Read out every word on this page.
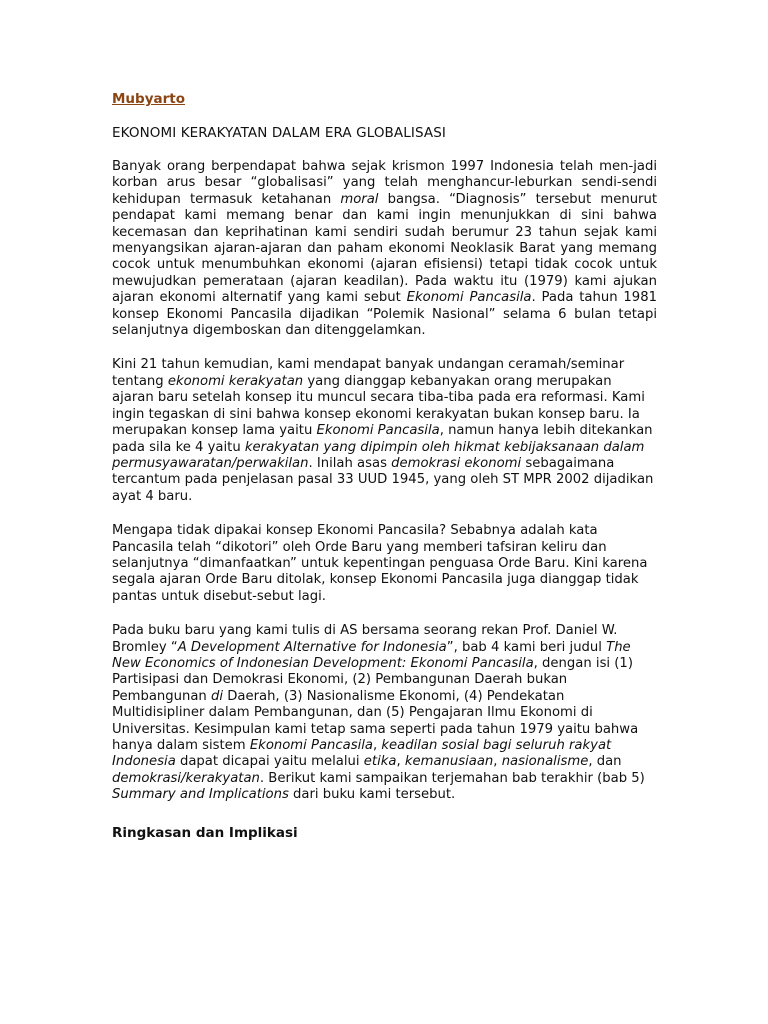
Mubyarto
EKONOMI KERAKYATAN DALAM ERA GLOBALISASI
Banyak orang berpendapat bahwa sejak krismon 1997 Indonesia telah men-jadi korban arus besar “globalisasi” yang telah menghancur-leburkan sendi-sendi kehidupan termasuk ketahanan moral bangsa. “Diagnosis” tersebut menurut pendapat kami memang benar dan kami ingin menunjukkan di sini bahwa kecemasan dan keprihatinan kami sendiri sudah berumur 23 tahun sejak kami menyangsikan ajaran-ajaran dan paham ekonomi Neoklasik Barat yang memang cocok untuk menumbuhkan ekonomi (ajaran efisiensi) tetapi tidak cocok untuk mewujudkan pemerataan (ajaran keadilan). Pada waktu itu (1979) kami ajukan ajaran ekonomi alternatif yang kami sebut Ekonomi Pancasila. Pada tahun 1981 konsep Ekonomi Pancasila dijadikan “Polemik Nasional” selama 6 bulan tetapi selanjutnya digemboskan dan ditenggelamkan.
Kini 21 tahun kemudian, kami mendapat banyak undangan ceramah/seminar tentang ekonomi kerakyatan yang dianggap kebanyakan orang merupakan ajaran baru setelah konsep itu muncul secara tiba-tiba pada era reformasi. Kami ingin tegaskan di sini bahwa konsep ekonomi kerakyatan bukan konsep baru. Ia merupakan konsep lama yaitu Ekonomi Pancasila, namun hanya lebih ditekankan pada sila ke 4 yaitu kerakyatan yang dipimpin oleh hikmat kebijaksanaan dalam permusyawaratan/perwakilan. Inilah asas demokrasi ekonomi sebagaimana tercantum pada penjelasan pasal 33 UUD 1945, yang oleh ST MPR 2002 dijadikan ayat 4 baru.
Mengapa tidak dipakai konsep Ekonomi Pancasila? Sebabnya adalah kata Pancasila telah “dikotori” oleh Orde Baru yang memberi tafsiran keliru dan selanjutnya “dimanfaatkan” untuk kepentingan penguasa Orde Baru. Kini karena segala ajaran Orde Baru ditolak, konsep Ekonomi Pancasila juga dianggap tidak pantas untuk disebut-sebut lagi.
Pada buku baru yang kami tulis di AS bersama seorang rekan Prof. Daniel W. Bromley “A Development Alternative for Indonesia”, bab 4 kami beri judul The New Economics of Indonesian Development: Ekonomi Pancasila, dengan isi (1) Partisipasi dan Demokrasi Ekonomi, (2) Pembangunan Daerah bukan Pembangunan di Daerah, (3) Nasionalisme Ekonomi, (4) Pendekatan Multidisipliner dalam Pembangunan, dan (5) Pengajaran Ilmu Ekonomi di Universitas. Kesimpulan kami tetap sama seperti pada tahun 1979 yaitu bahwa hanya dalam sistem Ekonomi Pancasila, keadilan sosial bagi seluruh rakyat Indonesia dapat dicapai yaitu melalui etika, kemanusiaan, nasionalisme, dan demokrasi/kerakyatan. Berikut kami sampaikan terjemahan bab terakhir (bab 5) Summary and Implications dari buku kami tersebut.
Ringkasan dan Implikasi
